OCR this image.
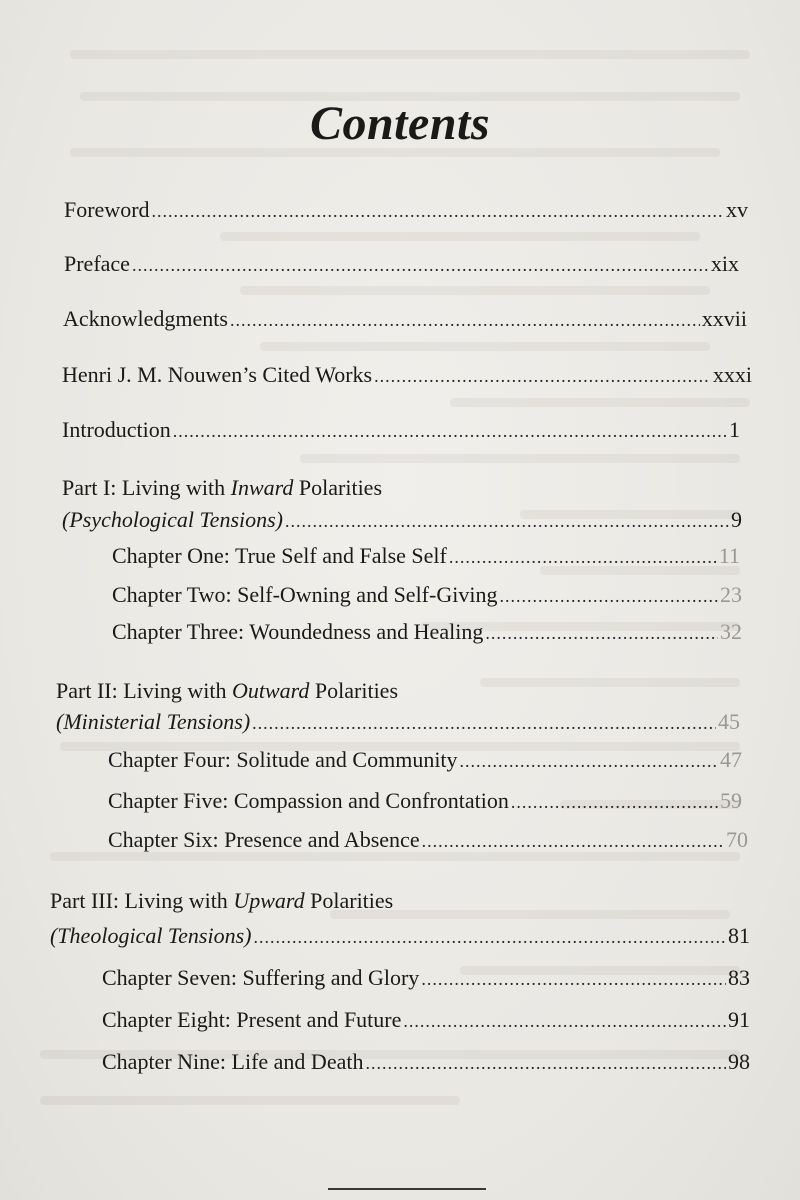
Contents
Foreword .....	xv
Preface .....	xix
Acknowledgments .....	xxvii
Henri J. M. Nouwen’s Cited Works .....	xxxi
Introduction .....	1
Part I: Living with Inward Polarities
(Psychological Tensions) .....	9
Chapter One: True Self and False Self .....	11
Chapter Two: Self-Owning and Self-Giving .....	23
Chapter Three: Woundedness and Healing .....	32
Part II: Living with Outward Polarities
(Ministerial Tensions) .....	45
Chapter Four: Solitude and Community .....	47
Chapter Five: Compassion and Confrontation .....	59
Chapter Six: Presence and Absence .....	70
Part III: Living with Upward Polarities
(Theological Tensions) .....	81
Chapter Seven: Suffering and Glory .....	83
Chapter Eight: Present and Future .....	91
Chapter Nine: Life and Death .....	98
